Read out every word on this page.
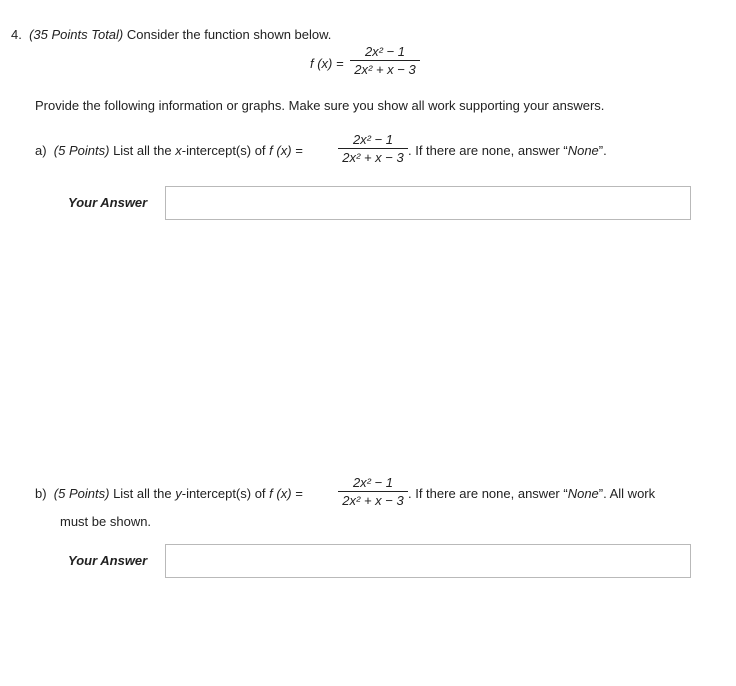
4. (35 Points Total) Consider the function shown below.
f (x) =
2x² − 1
2x² + x − 3
Provide the following information or graphs. Make sure you show all work supporting your answers.
a) (5 Points) List all the x-intercept(s) of f (x) =
2x² − 1
2x² + x − 3 . If there are none, answer “None”.
Your Answer
b) (5 Points) List all the y-intercept(s) of f (x) =
2x² − 1
2x² + x − 3 . If there are none, answer “None”. All work
must be shown.
Your Answer
